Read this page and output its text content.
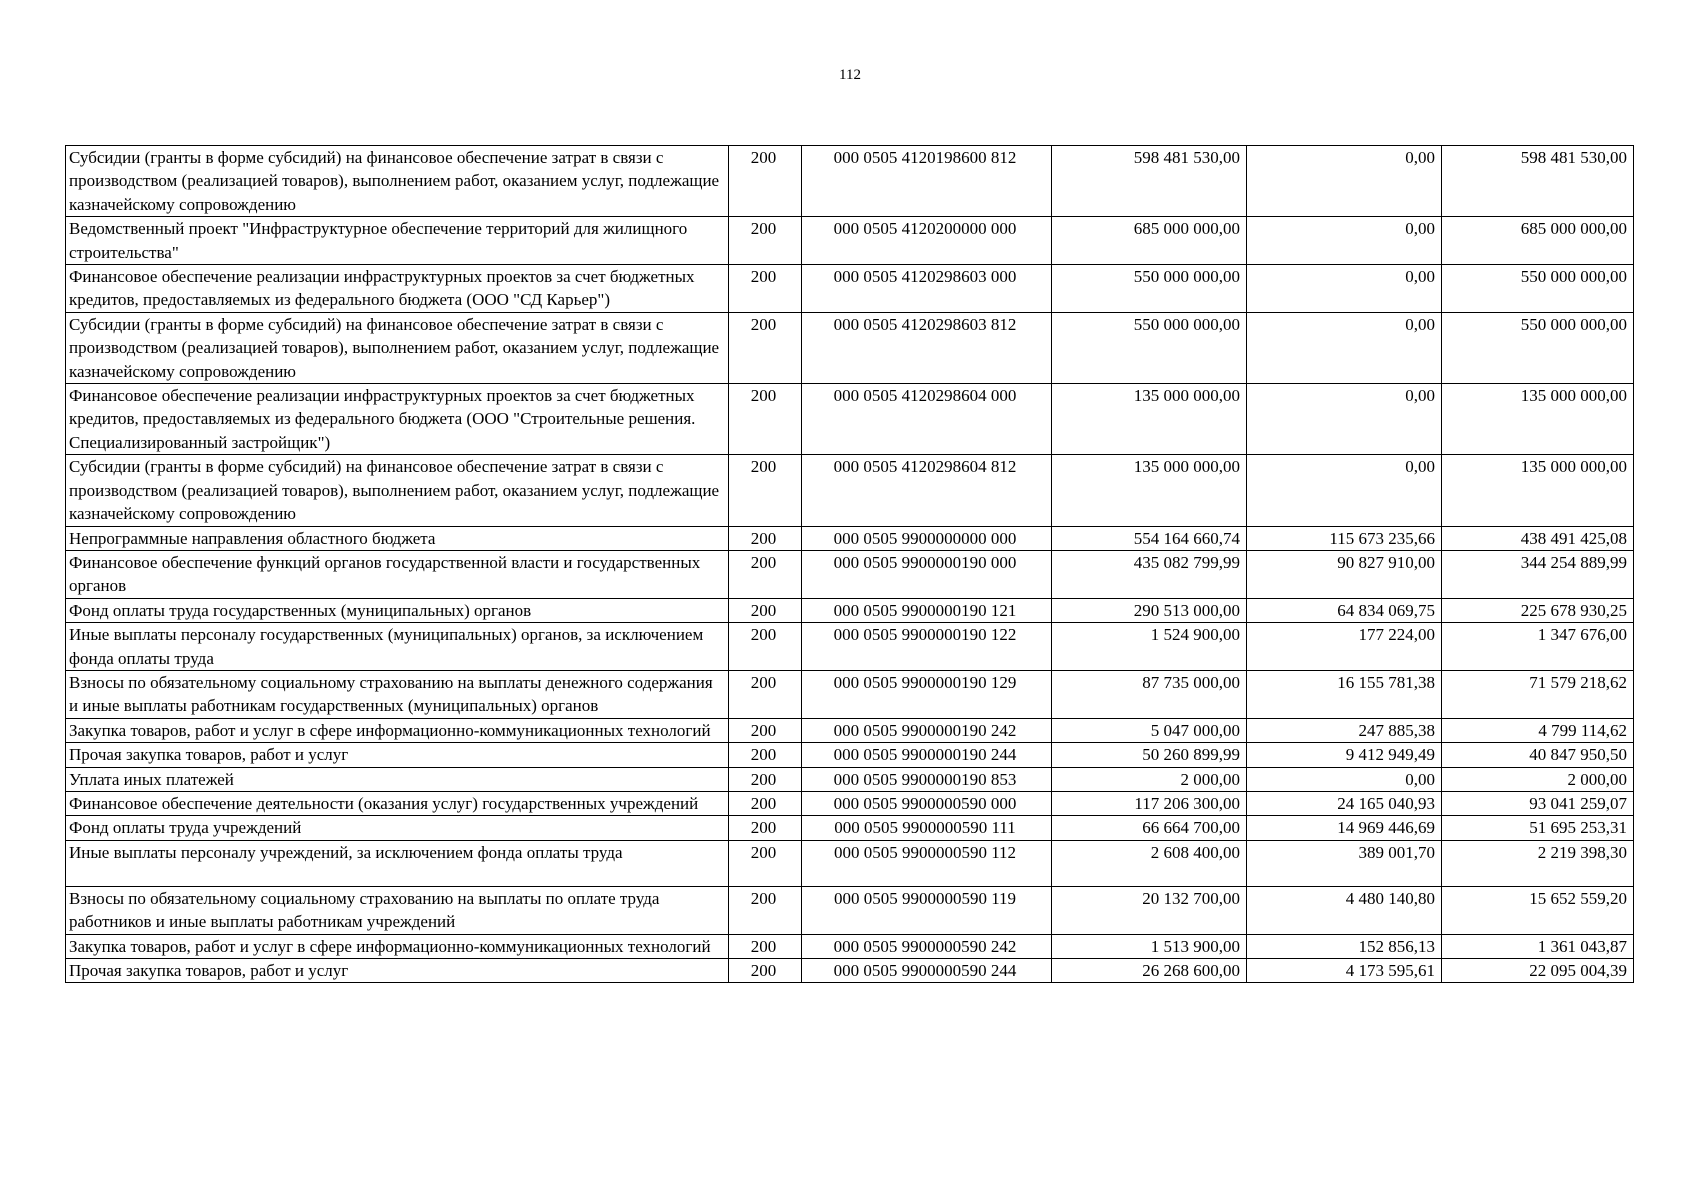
112
Субсидии (гранты в форме субсидий) на финансовое обеспечение затрат в связи с производством (реализацией товаров), выполнением работ, оказанием услуг, подлежащие казначейскому сопровождению	200	000 0505 4120198600 812	598 481 530,00	0,00	598 481 530,00
Ведомственный проект "Инфраструктурное обеспечение территорий для жилищного строительства"	200	000 0505 4120200000 000	685 000 000,00	0,00	685 000 000,00
Финансовое обеспечение реализации инфраструктурных проектов за счет бюджетных кредитов, предоставляемых из федерального бюджета (ООО "СД Карьер")	200	000 0505 4120298603 000	550 000 000,00	0,00	550 000 000,00
Субсидии (гранты в форме субсидий) на финансовое обеспечение затрат в связи с производством (реализацией товаров), выполнением работ, оказанием услуг, подлежащие казначейскому сопровождению	200	000 0505 4120298603 812	550 000 000,00	0,00	550 000 000,00
Финансовое обеспечение реализации инфраструктурных проектов за счет бюджетных кредитов, предоставляемых из федерального бюджета (ООО "Строительные решения. Специализированный застройщик")	200	000 0505 4120298604 000	135 000 000,00	0,00	135 000 000,00
Субсидии (гранты в форме субсидий) на финансовое обеспечение затрат в связи с производством (реализацией товаров), выполнением работ, оказанием услуг, подлежащие казначейскому сопровождению	200	000 0505 4120298604 812	135 000 000,00	0,00	135 000 000,00
Непрограммные направления областного бюджета	200	000 0505 9900000000 000	554 164 660,74	115 673 235,66	438 491 425,08
Финансовое обеспечение функций органов государственной власти и государственных органов	200	000 0505 9900000190 000	435 082 799,99	90 827 910,00	344 254 889,99
Фонд оплаты труда государственных (муниципальных) органов	200	000 0505 9900000190 121	290 513 000,00	64 834 069,75	225 678 930,25
Иные выплаты персоналу государственных (муниципальных) органов, за исключением фонда оплаты труда	200	000 0505 9900000190 122	1 524 900,00	177 224,00	1 347 676,00
Взносы по обязательному социальному страхованию на выплаты денежного содержания и иные выплаты работникам государственных (муниципальных) органов	200	000 0505 9900000190 129	87 735 000,00	16 155 781,38	71 579 218,62
Закупка товаров, работ и услуг в сфере информационно-коммуникационных технологий	200	000 0505 9900000190 242	5 047 000,00	247 885,38	4 799 114,62
Прочая закупка товаров, работ и услуг	200	000 0505 9900000190 244	50 260 899,99	9 412 949,49	40 847 950,50
Уплата иных платежей	200	000 0505 9900000190 853	2 000,00	0,00	2 000,00
Финансовое обеспечение деятельности (оказания услуг) государственных учреждений	200	000 0505 9900000590 000	117 206 300,00	24 165 040,93	93 041 259,07
Фонд оплаты труда учреждений	200	000 0505 9900000590 111	66 664 700,00	14 969 446,69	51 695 253,31
Иные выплаты персоналу учреждений, за исключением фонда оплаты труда	200	000 0505 9900000590 112	2 608 400,00	389 001,70	2 219 398,30
Взносы по обязательному социальному страхованию на выплаты по оплате труда работников и иные выплаты работникам учреждений	200	000 0505 9900000590 119	20 132 700,00	4 480 140,80	15 652 559,20
Закупка товаров, работ и услуг в сфере информационно-коммуникационных технологий	200	000 0505 9900000590 242	1 513 900,00	152 856,13	1 361 043,87
Прочая закупка товаров, работ и услуг	200	000 0505 9900000590 244	26 268 600,00	4 173 595,61	22 095 004,39
